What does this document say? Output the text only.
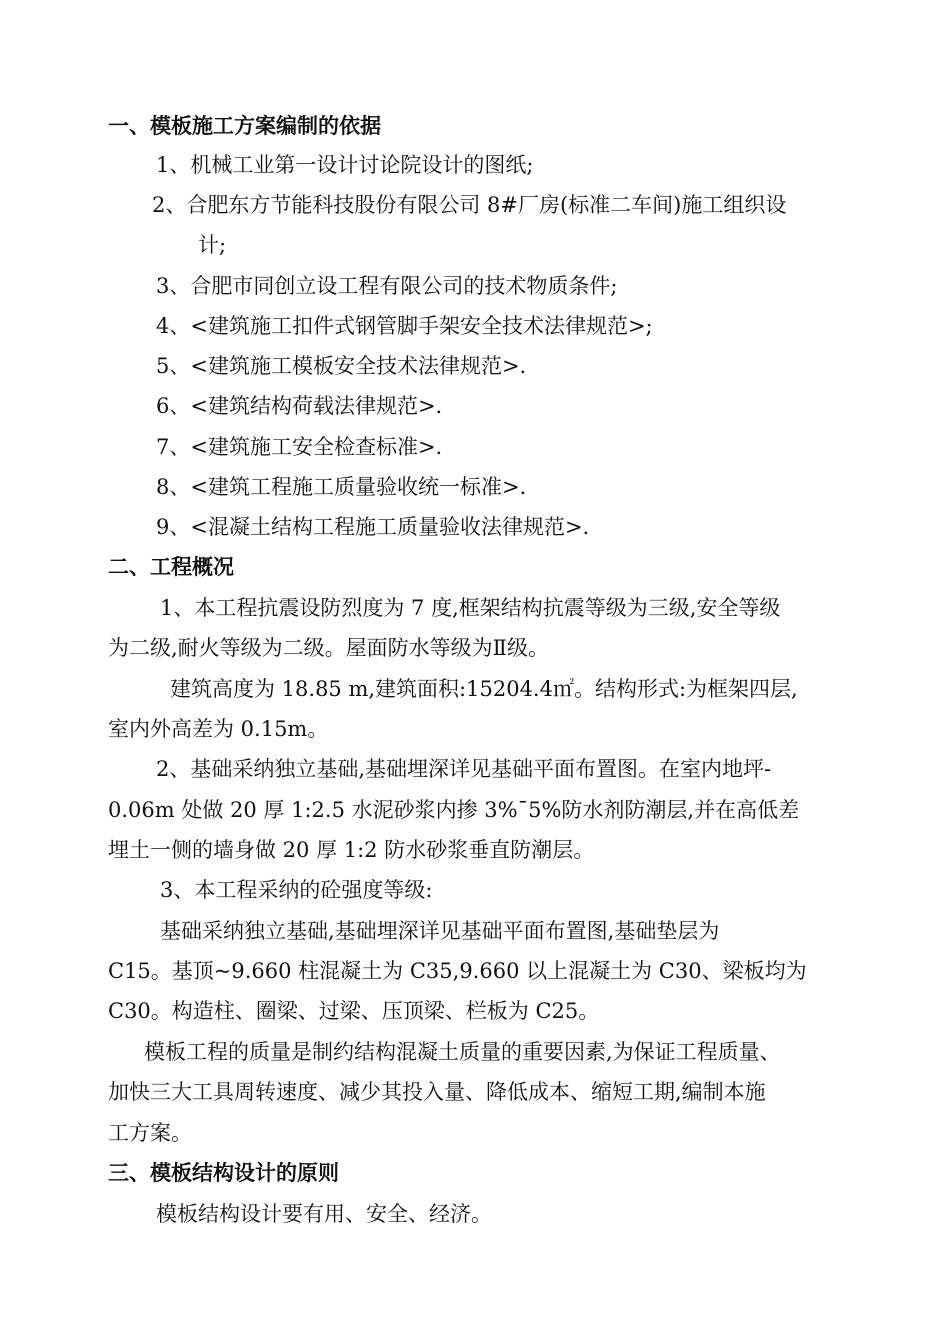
一、模板施工方案编制的依据
1、机械工业第一设计讨论院设计的图纸;
2、合肥东方节能科技股份有限公司 8#厂房(标准二车间)施工组织设
计;
3、合肥市同创立设工程有限公司的技术物质条件;
4、<建筑施工扣件式钢管脚手架安全技术法律规范>;
5、<建筑施工模板安全技术法律规范>.
6、<建筑结构荷载法律规范>.
7、<建筑施工安全检查标准>.
8、<建筑工程施工质量验收统一标准>.
9、<混凝土结构工程施工质量验收法律规范>.
二、工程概况
1、本工程抗震设防烈度为 7 度,框架结构抗震等级为三级,安全等级
为二级,耐火等级为二级。屋面防水等级为Ⅱ级。
建筑高度为 18.85 m,建筑面积:15204.4㎡。结构形式:为框架四层,
室内外高差为 0.15m。
2、基础采纳独立基础,基础埋深详见基础平面布置图。在室内地坪-
0.06m 处做 20 厚 1:2.5 水泥砂浆内掺 3%¯5%防水剂防潮层,并在高低差
埋土一侧的墙身做 20 厚 1:2 防水砂浆垂直防潮层。
3、本工程采纳的砼强度等级:
基础采纳独立基础,基础埋深详见基础平面布置图,基础垫层为
C15。基顶~9.660 柱混凝土为 C35,9.660 以上混凝土为 C30、梁板均为
C30。构造柱、圈梁、过梁、压顶梁、栏板为 C25。
模板工程的质量是制约结构混凝土质量的重要因素,为保证工程质量、
加快三大工具周转速度、减少其投入量、降低成本、缩短工期,编制本施
工方案。
三、模板结构设计的原则
模板结构设计要有用、安全、经济。
